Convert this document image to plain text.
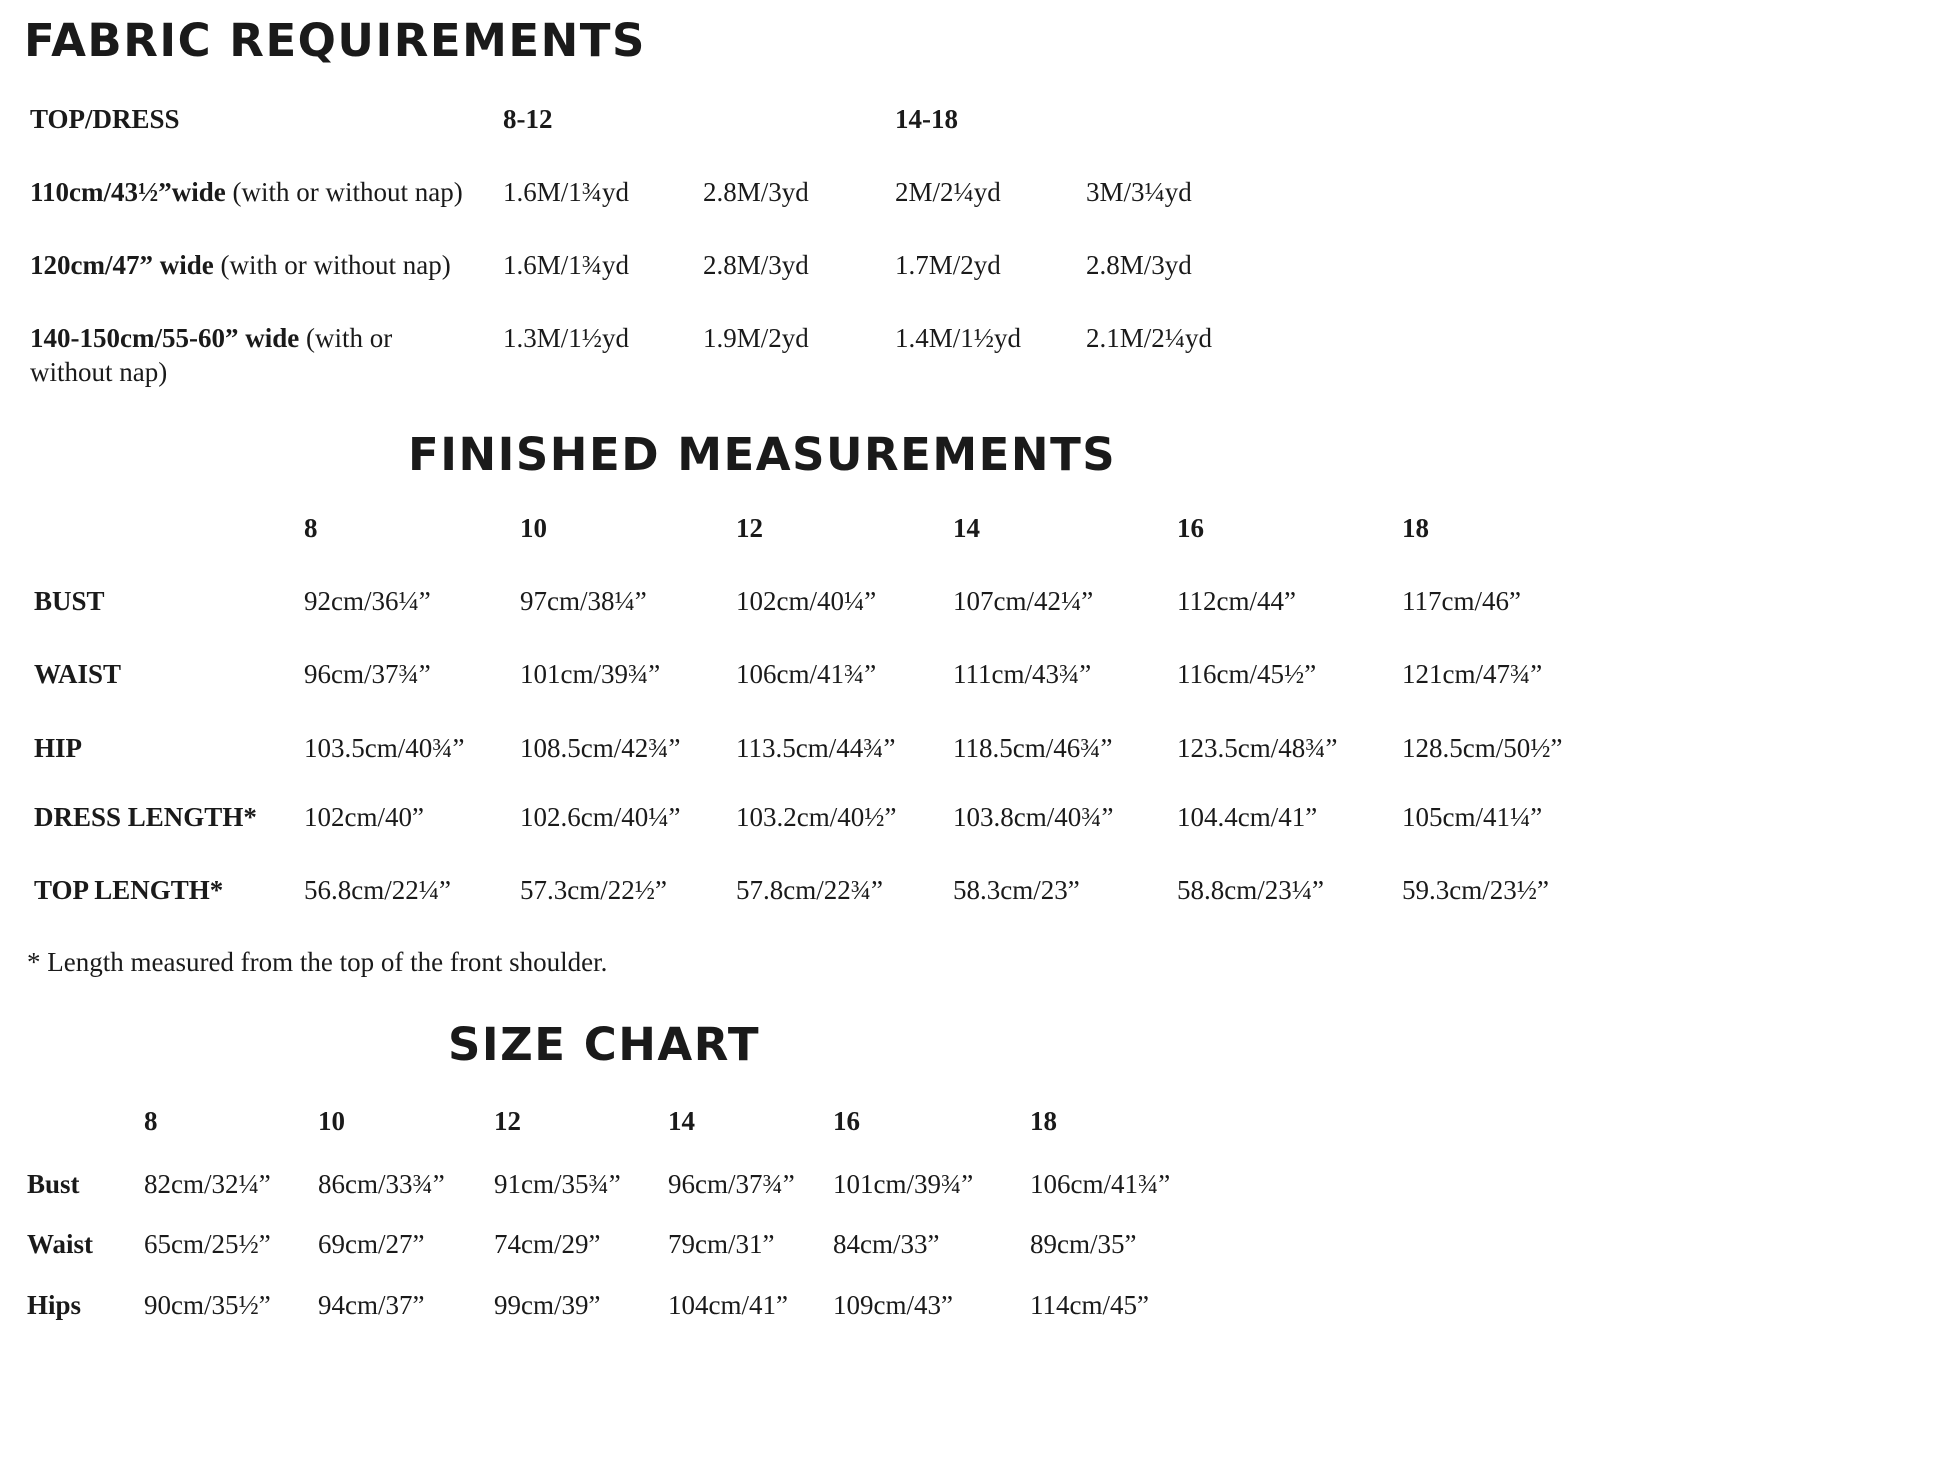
FABRIC REQUIREMENTS
TOP/DRESS	8-12	14-18
110cm/43½”wide (with or without nap) 1.6M/1¾yd	2.8M/3yd	2M/2¼yd	3M/3¼yd
120cm/47” wide (with or without nap) 1.6M/1¾yd	2.8M/3yd	1.7M/2yd	2.8M/3yd
140-150cm/55-60” wide (with or without nap)
1.3M/1½yd	1.9M/2yd	1.4M/1½yd 2.1M/2¼yd
FINISHED MEASUREMENTS
8	10	12	14	16	18
BUST	92cm/36¼”	97cm/38¼”	102cm/40¼”	107cm/42¼”	112cm/44”	117cm/46”
WAIST	96cm/37¾”	101cm/39¾”	106cm/41¾”	111cm/43¾”	116cm/45½”	121cm/47¾”
HIP	103.5cm/40¾” 108.5cm/42¾” 113.5cm/44¾” 118.5cm/46¾” 123.5cm/48¾” 128.5cm/50½”
DRESS LENGTH* 102cm/40”	102.6cm/40¼” 103.2cm/40½” 103.8cm/40¾” 104.4cm/41”	105cm/41¼”
TOP LENGTH*	56.8cm/22¼”	57.3cm/22½”	57.8cm/22¾”	58.3cm/23”	58.8cm/23¼”	59.3cm/23½”
* Length measured from the top of the front shoulder.
SIZE CHART
8	10	12	14	16	18
Bust 82cm/32¼” 86cm/33¾” 91cm/35¾” 96cm/37¾” 101cm/39¾” 106cm/41¾”
Waist 65cm/25½” 69cm/27”	74cm/29”	79cm/31” 84cm/33”	89cm/35”
Hips 90cm/35½” 94cm/37”	99cm/39”	104cm/41” 109cm/43”	114cm/45”
